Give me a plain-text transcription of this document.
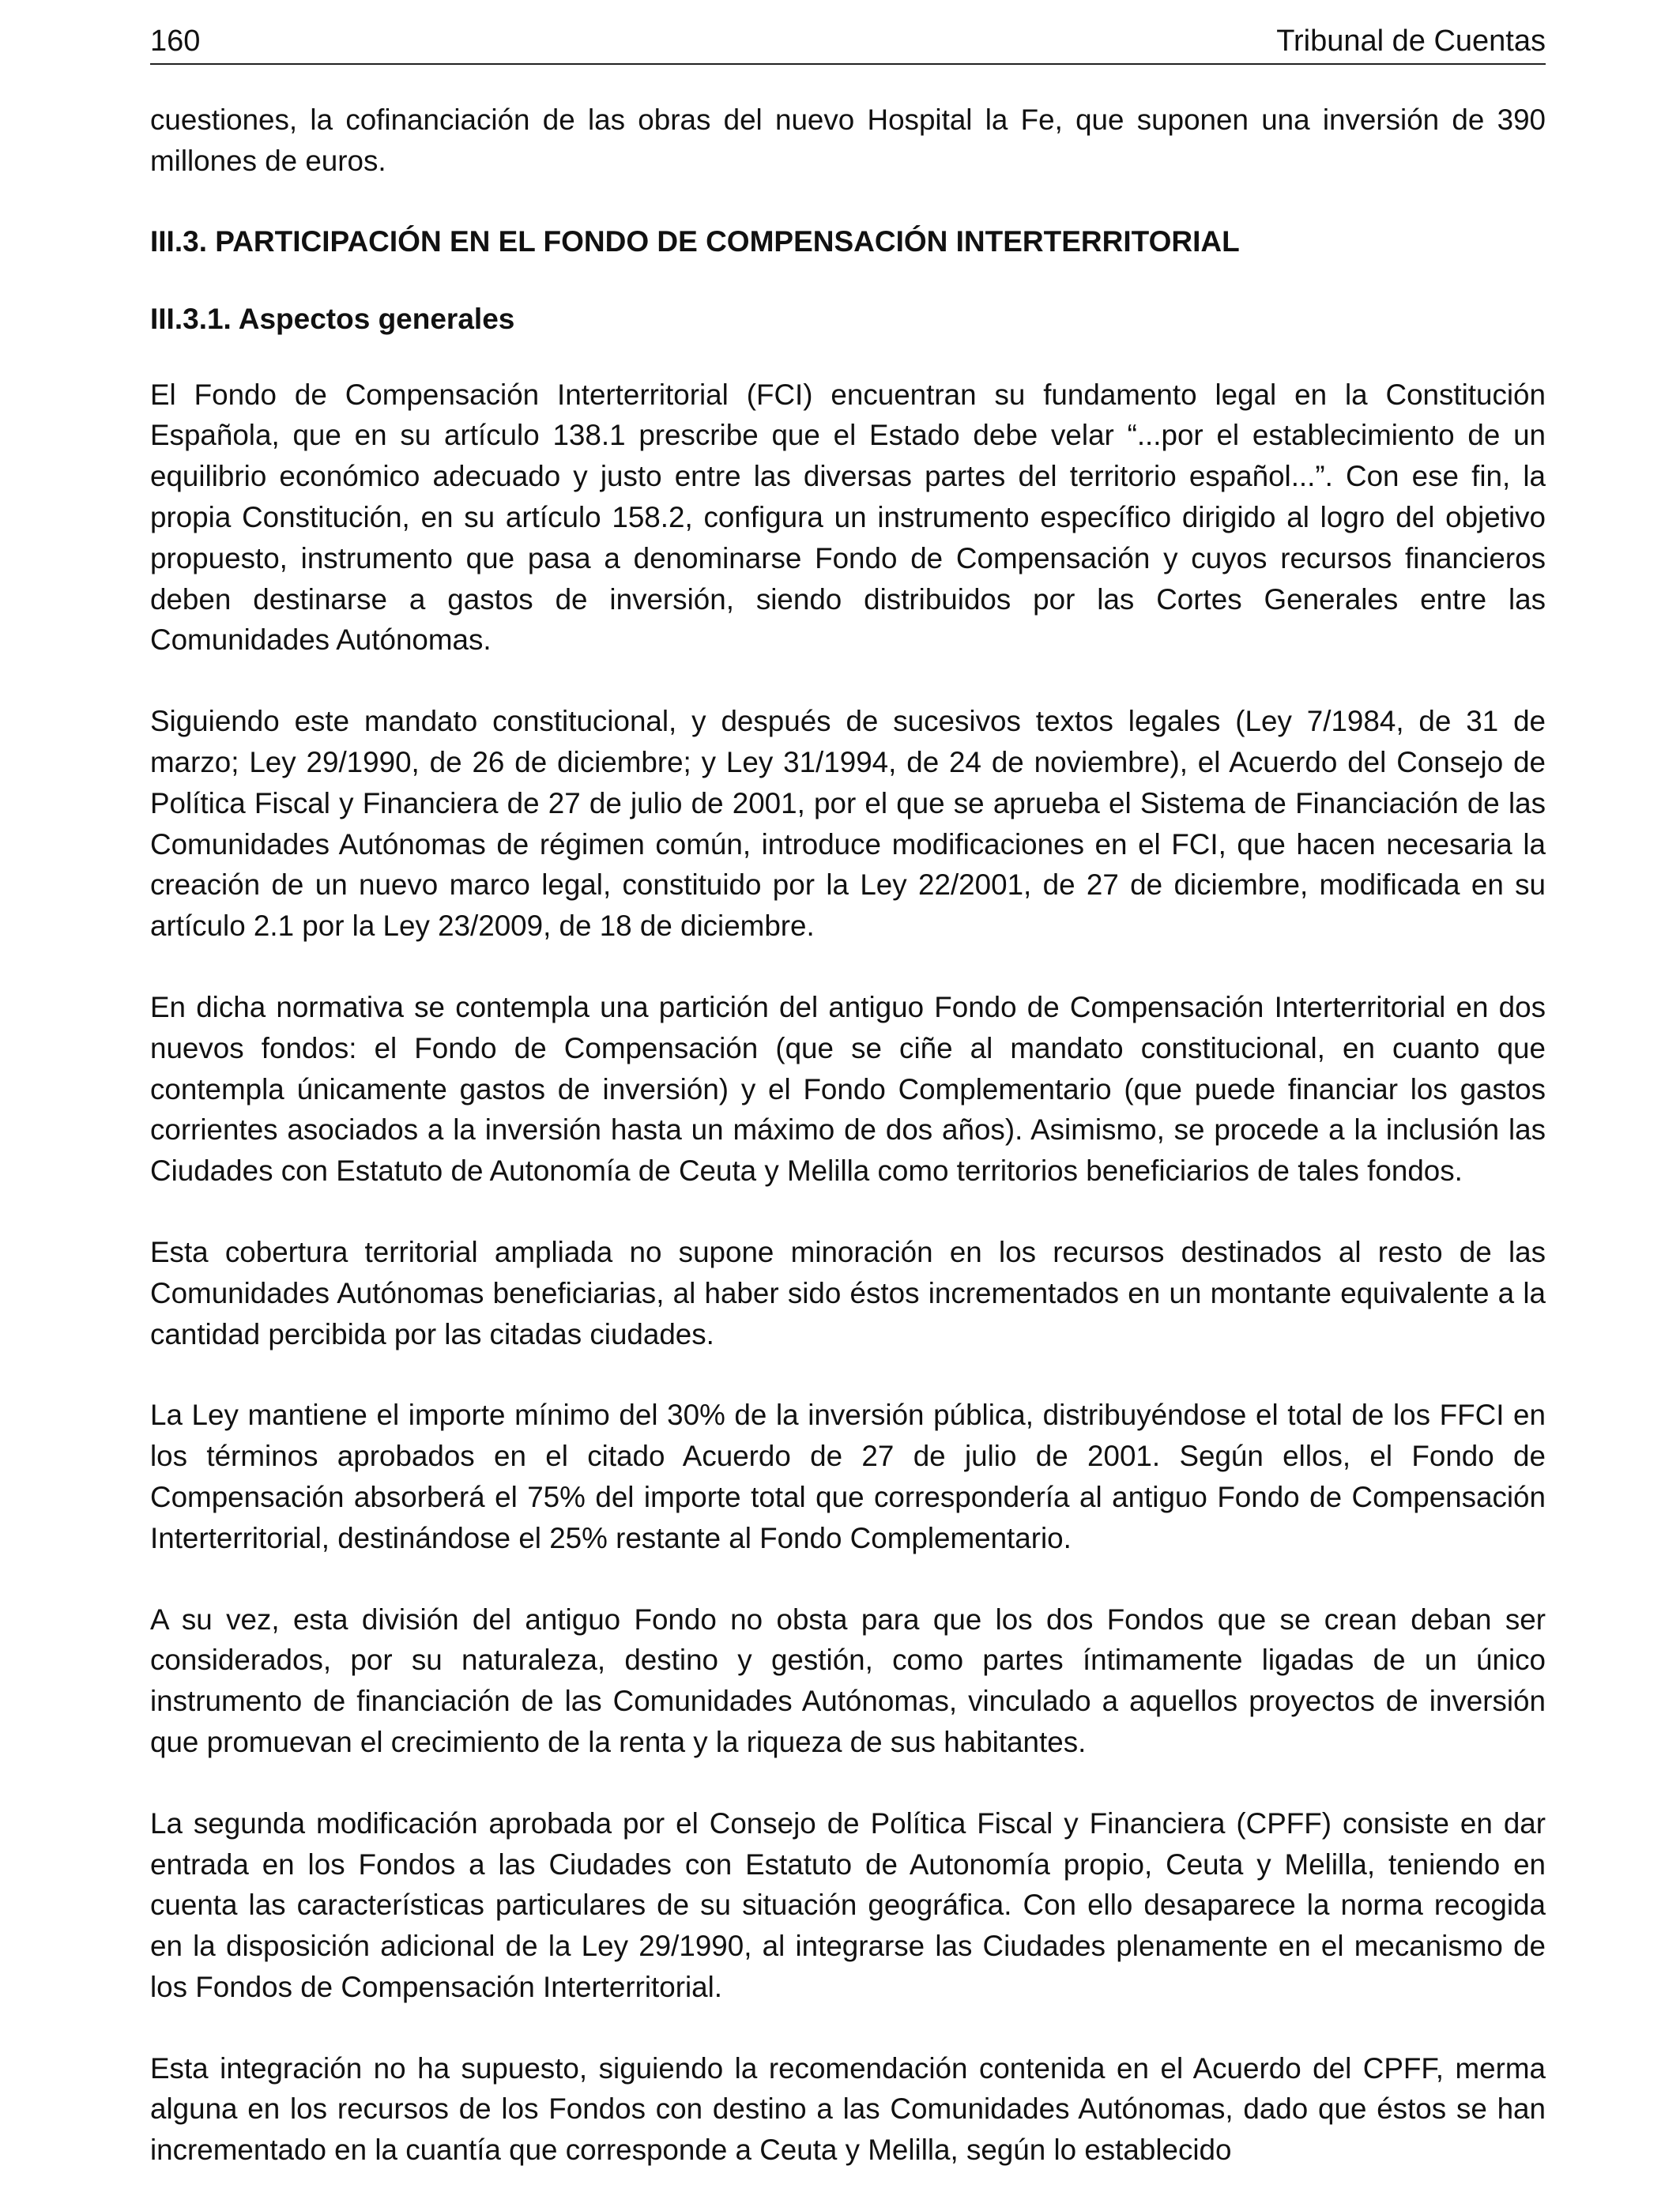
160	Tribunal de Cuentas

cuestiones, la cofinanciación de las obras del nuevo Hospital la Fe, que suponen una inversión de 390 millones de euros.

III.3. PARTICIPACIÓN EN EL FONDO DE COMPENSACIÓN INTERTERRITORIAL
III.3.1. Aspectos generales

El Fondo de Compensación Interterritorial (FCI) encuentran su fundamento legal en la Constitución Española, que en su artículo 138.1 prescribe que el Estado debe velar “...por el establecimiento de un equilibrio económico adecuado y justo entre las diversas partes del territorio español...”. Con ese fin, la propia Constitución, en su artículo 158.2, configura un instrumento específico dirigido al logro del objetivo propuesto, instrumento que pasa a denominarse Fondo de Compensación y cuyos recursos financieros deben destinarse a gastos de inversión, siendo distribuidos por las Cortes Generales entre las Comunidades Autónomas.

Siguiendo este mandato constitucional, y después de sucesivos textos legales (Ley 7/1984, de 31 de marzo; Ley 29/1990, de 26 de diciembre; y Ley 31/1994, de 24 de noviembre), el Acuerdo del Consejo de Política Fiscal y Financiera de 27 de julio de 2001, por el que se aprueba el Sistema de Financiación de las Comunidades Autónomas de régimen común, introduce modificaciones en el FCI, que hacen necesaria la creación de un nuevo marco legal, constituido por la Ley 22/2001, de 27 de diciembre, modificada en su artículo 2.1 por la Ley 23/2009, de 18 de diciembre.

En dicha normativa se contempla una partición del antiguo Fondo de Compensación Interterritorial en dos nuevos fondos: el Fondo de Compensación (que se ciñe al mandato constitucional, en cuanto que contempla únicamente gastos de inversión) y el Fondo Complementario (que puede financiar los gastos corrientes asociados a la inversión hasta un máximo de dos años). Asimismo, se procede a la inclusión las Ciudades con Estatuto de Autonomía de Ceuta y Melilla como territorios beneficiarios de tales fondos.

Esta cobertura territorial ampliada no supone minoración en los recursos destinados al resto de las Comunidades Autónomas beneficiarias, al haber sido éstos incrementados en un montante equivalente a la cantidad percibida por las citadas ciudades.

La Ley mantiene el importe mínimo del 30% de la inversión pública, distribuyéndose el total de los FFCI en los términos aprobados en el citado Acuerdo de 27 de julio de 2001. Según ellos, el Fondo de Compensación absorberá el 75% del importe total que correspondería al antiguo Fondo de Compensación Interterritorial, destinándose el 25% restante al Fondo Complementario.

A su vez, esta división del antiguo Fondo no obsta para que los dos Fondos que se crean deban ser considerados, por su naturaleza, destino y gestión, como partes íntimamente ligadas de un único instrumento de financiación de las Comunidades Autónomas, vinculado a aquellos proyectos de inversión que promuevan el crecimiento de la renta y la riqueza de sus habitantes.

La segunda modificación aprobada por el Consejo de Política Fiscal y Financiera (CPFF) consiste en dar entrada en los Fondos a las Ciudades con Estatuto de Autonomía propio, Ceuta y Melilla, teniendo en cuenta las características particulares de su situación geográfica. Con ello desaparece la norma recogida en la disposición adicional de la Ley 29/1990, al integrarse las Ciudades plenamente en el mecanismo de los Fondos de Compensación Interterritorial.

Esta integración no ha supuesto, siguiendo la recomendación contenida en el Acuerdo del CPFF, merma alguna en los recursos de los Fondos con destino a las Comunidades Autónomas, dado que éstos se han incrementado en la cuantía que corresponde a Ceuta y Melilla, según lo establecido
